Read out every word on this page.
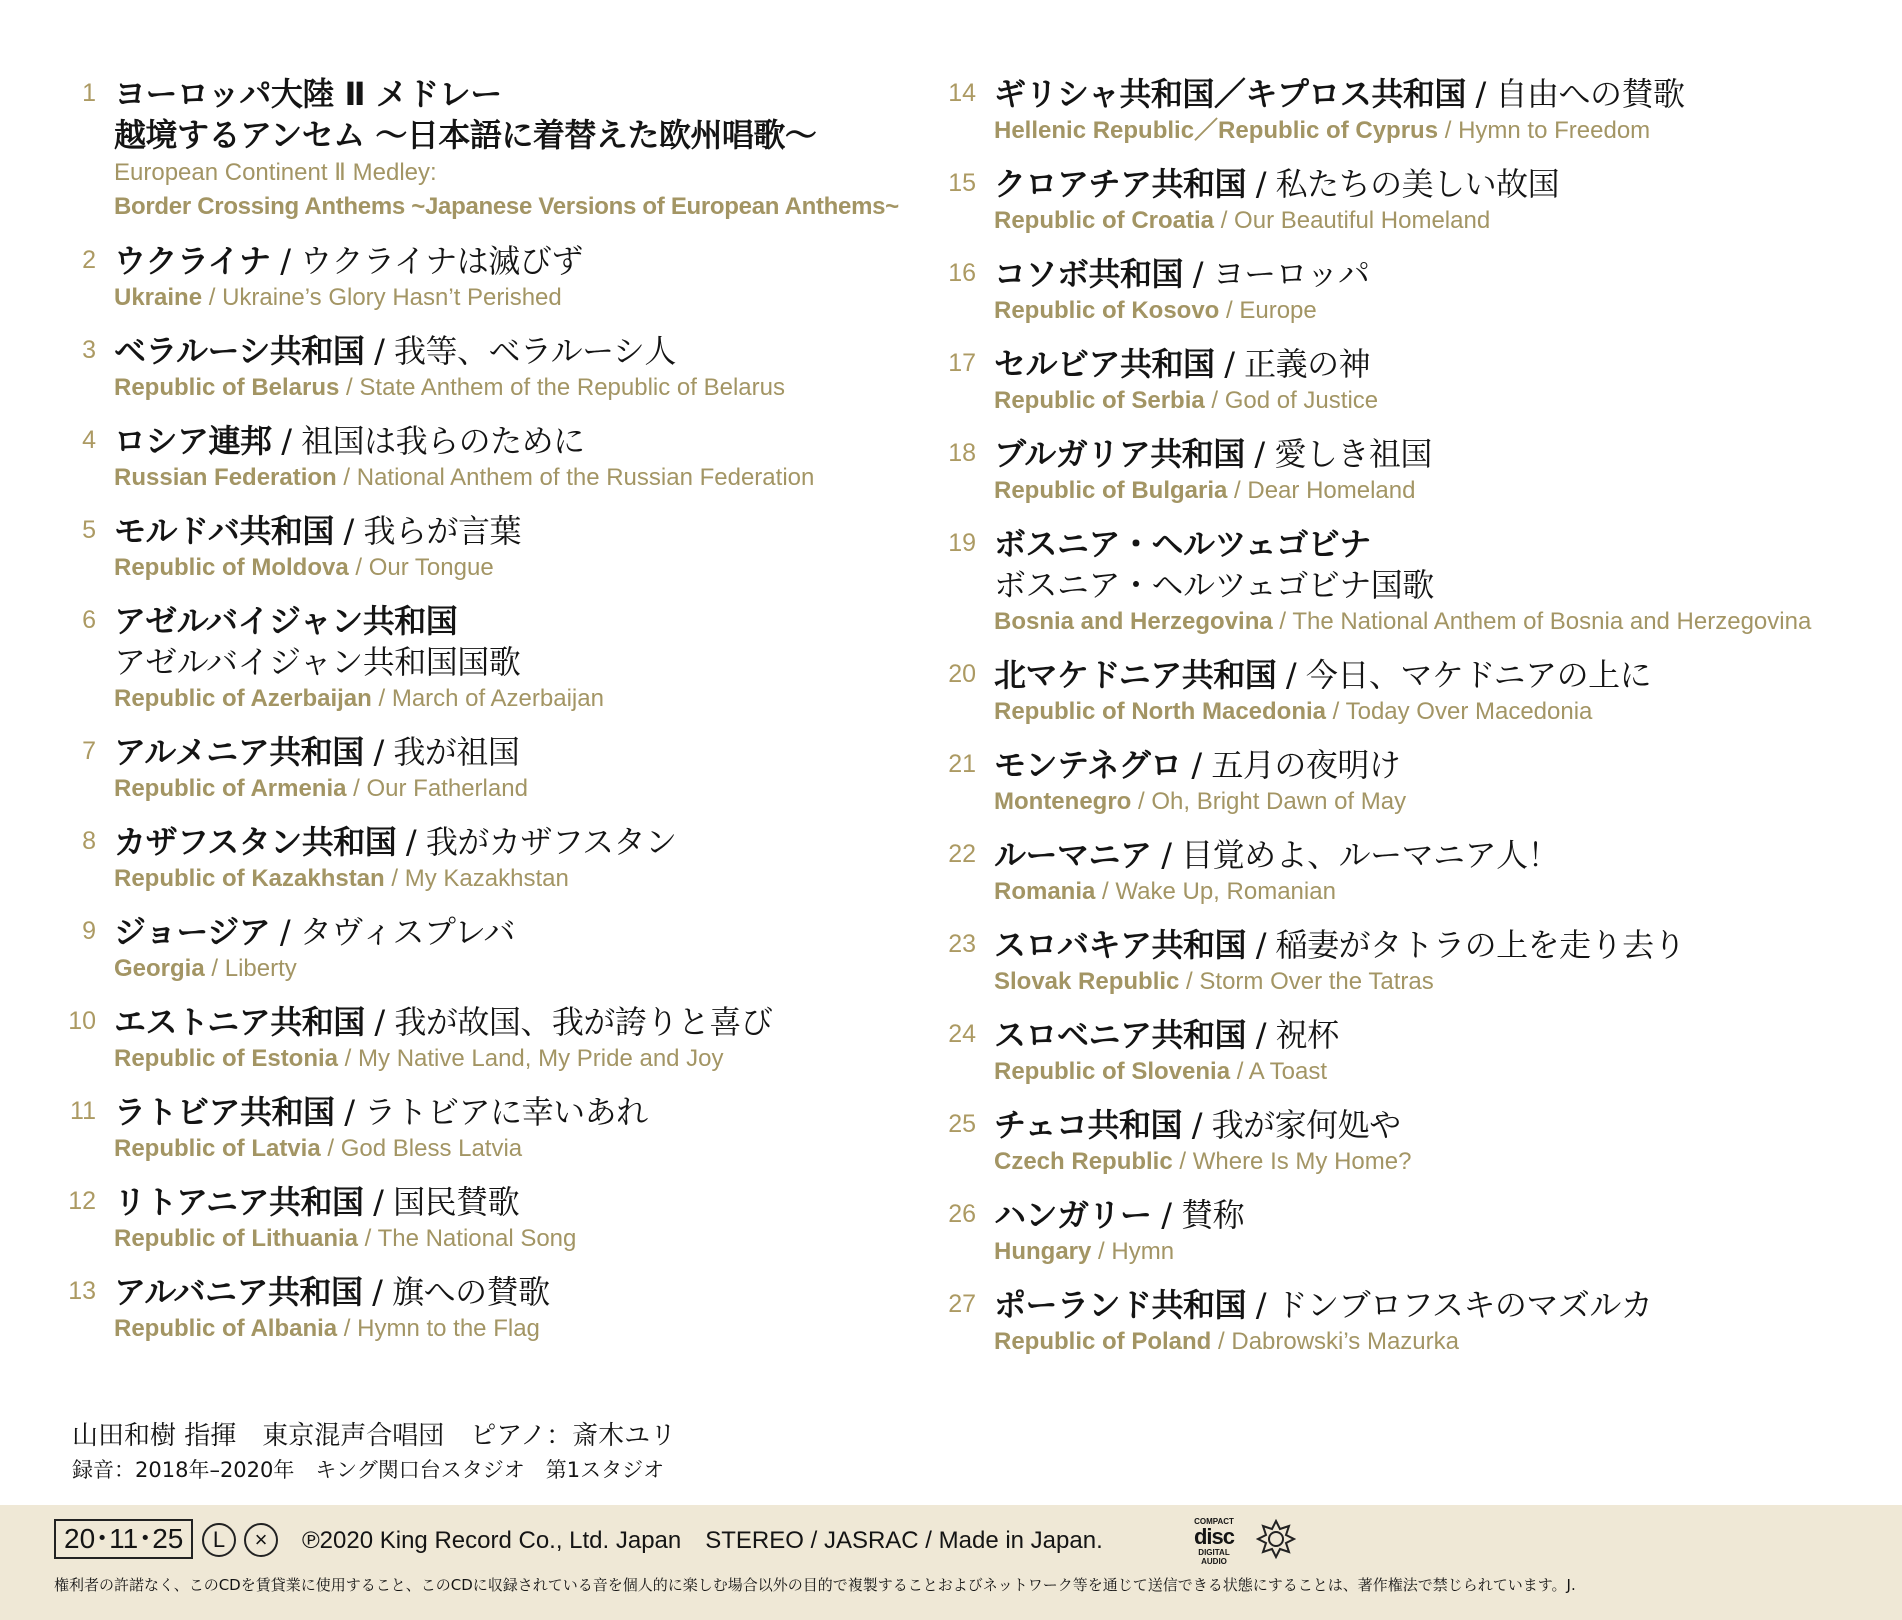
1 ヨーロッパ大陸 Ⅱ メドレー
越境するアンセム ～日本語に着替えた欧州唱歌～
European Continent Ⅱ Medley:
Border Crossing Anthems ~Japanese Versions of European Anthems~
2 ウクライナ / ウクライナは滅びず
Ukraine / Ukraine’s Glory Hasn’t Perished
3 ベラルーシ共和国 / 我等、ベラルーシ人
Republic of Belarus / State Anthem of the Republic of Belarus
4 ロシア連邦 / 祖国は我らのために
Russian Federation / National Anthem of the Russian Federation
5 モルドバ共和国 / 我らが言葉
Republic of Moldova / Our Tongue
6 アゼルバイジャン共和国
アゼルバイジャン共和国国歌
Republic of Azerbaijan / March of Azerbaijan
7 アルメニア共和国 / 我が祖国
Republic of Armenia / Our Fatherland
8 カザフスタン共和国 / 我がカザフスタン
Republic of Kazakhstan / My Kazakhstan
9 ジョージア / タヴィスプレバ
Georgia / Liberty
10 エストニア共和国 / 我が故国、我が誇りと喜び
Republic of Estonia / My Native Land, My Pride and Joy
11 ラトビア共和国 / ラトビアに幸いあれ
Republic of Latvia / God Bless Latvia
12 リトアニア共和国 / 国民賛歌
Republic of Lithuania / The National Song
13 アルバニア共和国 / 旗への賛歌
Republic of Albania / Hymn to the Flag
14 ギリシャ共和国／キプロス共和国 / 自由への賛歌
Hellenic Republic／Republic of Cyprus / Hymn to Freedom
15 クロアチア共和国 / 私たちの美しい故国
Republic of Croatia / Our Beautiful Homeland
16 コソボ共和国 / ヨーロッパ
Republic of Kosovo / Europe
17 セルビア共和国 / 正義の神
Republic of Serbia / God of Justice
18 ブルガリア共和国 / 愛しき祖国
Republic of Bulgaria / Dear Homeland
19 ボスニア・ヘルツェゴビナ
ボスニア・ヘルツェゴビナ国歌
Bosnia and Herzegovina / The National Anthem of Bosnia and Herzegovina
20 北マケドニア共和国 / 今日、マケドニアの上に
Republic of North Macedonia / Today Over Macedonia
21 モンテネグロ / 五月の夜明け
Montenegro / Oh, Bright Dawn of May
22 ルーマニア / 目覚めよ、ルーマニア人！
Romania / Wake Up, Romanian
23 スロバキア共和国 / 稲妻がタトラの上を走り去り
Slovak Republic / Storm Over the Tatras
24 スロベニア共和国 / 祝杯
Republic of Slovenia / A Toast
25 チェコ共和国 / 我が家何処や
Czech Republic / Where Is My Home?
26 ハンガリー / 賛称
Hungary / Hymn
27 ポーランド共和国 / ドンブロフスキのマズルカ
Republic of Poland / Dabrowski’s Mazurka
山田和樹 指揮　東京混声合唱団　ピアノ：斎木ユリ
録音：2018年–2020年　キング関口台スタジオ　第1スタジオ
20･11･25	L	×	℗2020 King Record Co., Ltd. Japan　STEREO / JASRAC / Made in Japan.
COMPACT
disc
DIGITAL AUDIO
権利者の許諾なく、このCDを賃貸業に使用すること、このCDに収録されている音を個人的に楽しむ場合以外の目的で複製することおよびネットワーク等を通じて送信できる状態にすることは、著作権法で禁じられています。J.
